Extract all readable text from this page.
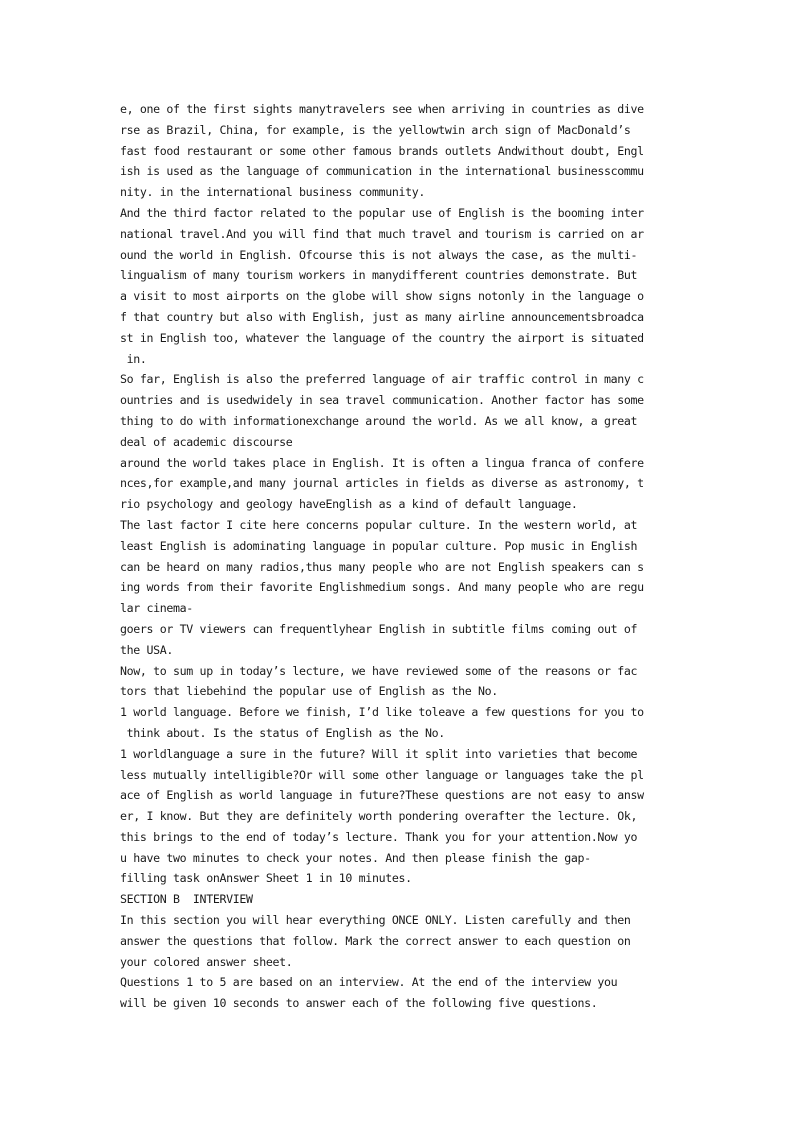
e, one of the first sights manytravelers see when arriving in countries as dive
rse as Brazil, China, for example, is the yellowtwin arch sign of MacDonald’s
fast food restaurant or some other famous brands outlets Andwithout doubt, Engl
ish is used as the language of communication in the international businesscommu
nity. in the international business community.
And the third factor related to the popular use of English is the booming inter
national travel.And you will find that much travel and tourism is carried on ar
ound the world in English. Ofcourse this is not always the case, as the multi-
lingualism of many tourism workers in manydifferent countries demonstrate. But
a visit to most airports on the globe will show signs notonly in the language o
f that country but also with English, just as many airline announcementsbroadca
st in English too, whatever the language of the country the airport is situated
in.
So far, English is also the preferred language of air traffic control in many c
ountries and is usedwidely in sea travel communication. Another factor has some
thing to do with informationexchange around the world. As we all know, a great
deal of academic discourse
around the world takes place in English. It is often a lingua franca of confere
nces,for example,and many journal articles in fields as diverse as astronomy, t
rio psychology and geology haveEnglish as a kind of default language.
The last factor I cite here concerns popular culture. In the western world, at
least English is adominating language in popular culture. Pop music in English
can be heard on many radios,thus many people who are not English speakers can s
ing words from their favorite Englishmedium songs. And many people who are regu
lar cinema-
goers or TV viewers can frequentlyhear English in subtitle films coming out of
the USA.
Now, to sum up in today’s lecture, we have reviewed some of the reasons or fac
tors that liebehind the popular use of English as the No.
1 world language. Before we finish, I’d like toleave a few questions for you to
think about. Is the status of English as the No.
1 worldlanguage a sure in the future? Will it split into varieties that become
less mutually intelligible?Or will some other language or languages take the pl
ace of English as world language in future?These questions are not easy to answ
er, I know. But they are definitely worth pondering overafter the lecture. Ok,
this brings to the end of today’s lecture. Thank you for your attention.Now yo
u have two minutes to check your notes. And then please finish the gap-
filling task onAnswer Sheet 1 in 10 minutes.
SECTION B  INTERVIEW
In this section you will hear everything ONCE ONLY. Listen carefully and then
answer the questions that follow. Mark the correct answer to each question on
your colored answer sheet.
Questions 1 to 5 are based on an interview. At the end of the interview you
will be given 10 seconds to answer each of the following five questions.
